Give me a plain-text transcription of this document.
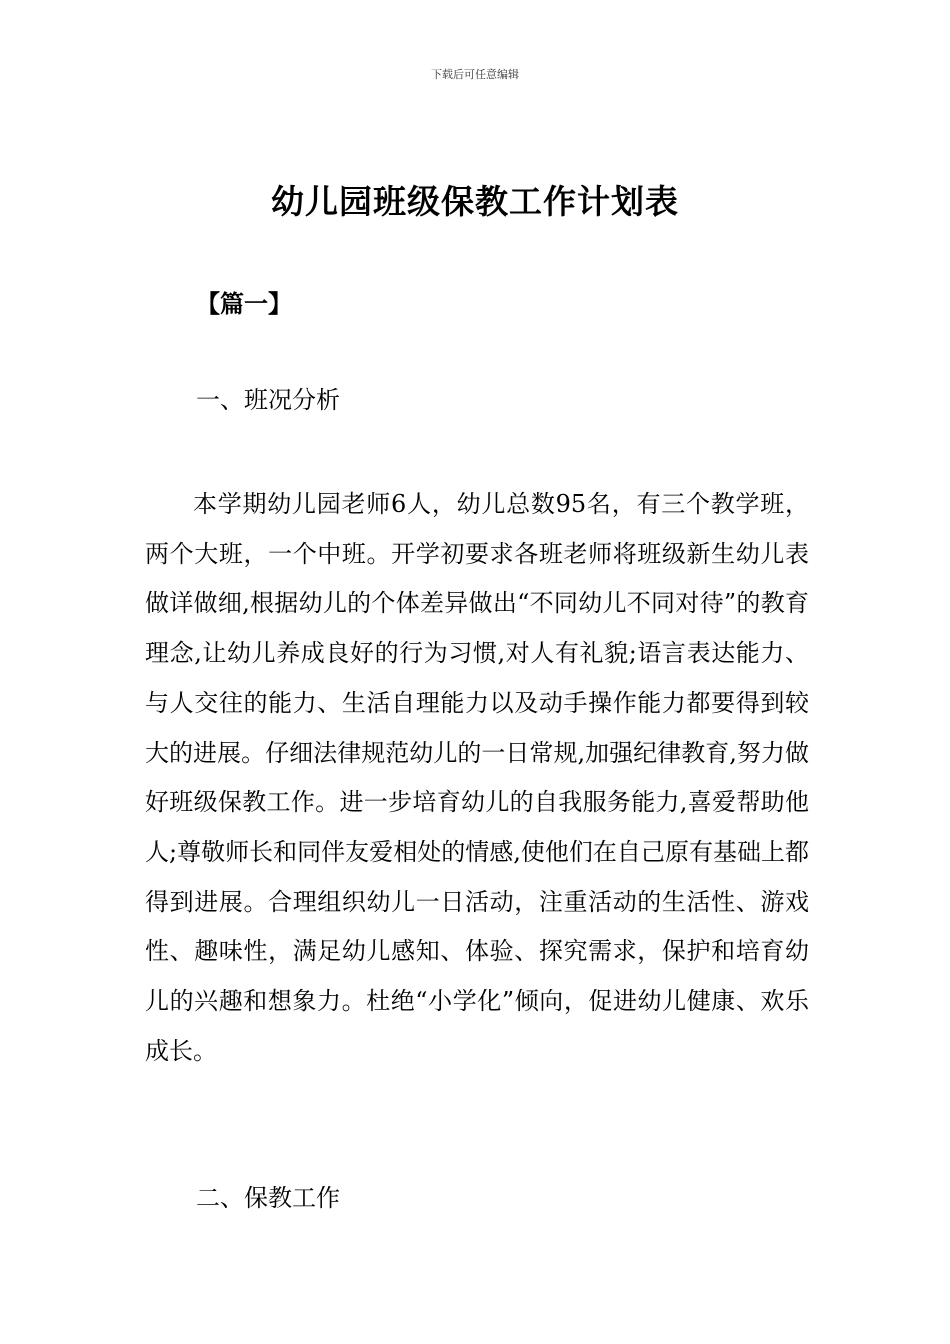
下载后可任意编辑
幼儿园班级保教工作计划表
【篇一】
一、班况分析

本学期幼儿园老师6人，幼儿总数95名，有三个教学班，两个大班，一个中班。开学初要求各班老师将班级新生幼儿表做详做细,根据幼儿的个体差异做出“不同幼儿不同对待”的教育理念,让幼儿养成良好的行为习惯,对人有礼貌;语言表达能力、与人交往的能力、生活自理能力以及动手操作能力都要得到较大的进展。仔细法律规范幼儿的一日常规,加强纪律教育,努力做好班级保教工作。进一步培育幼儿的自我服务能力,喜爱帮助他人;尊敬师长和同伴友爱相处的情感,使他们在自己原有基础上都得到进展。合理组织幼儿一日活动，注重活动的生活性、游戏性、趣味性，满足幼儿感知、体验、探究需求，保护和培育幼儿的兴趣和想象力。杜绝“小学化”倾向，促进幼儿健康、欢乐成长。

二、保教工作
